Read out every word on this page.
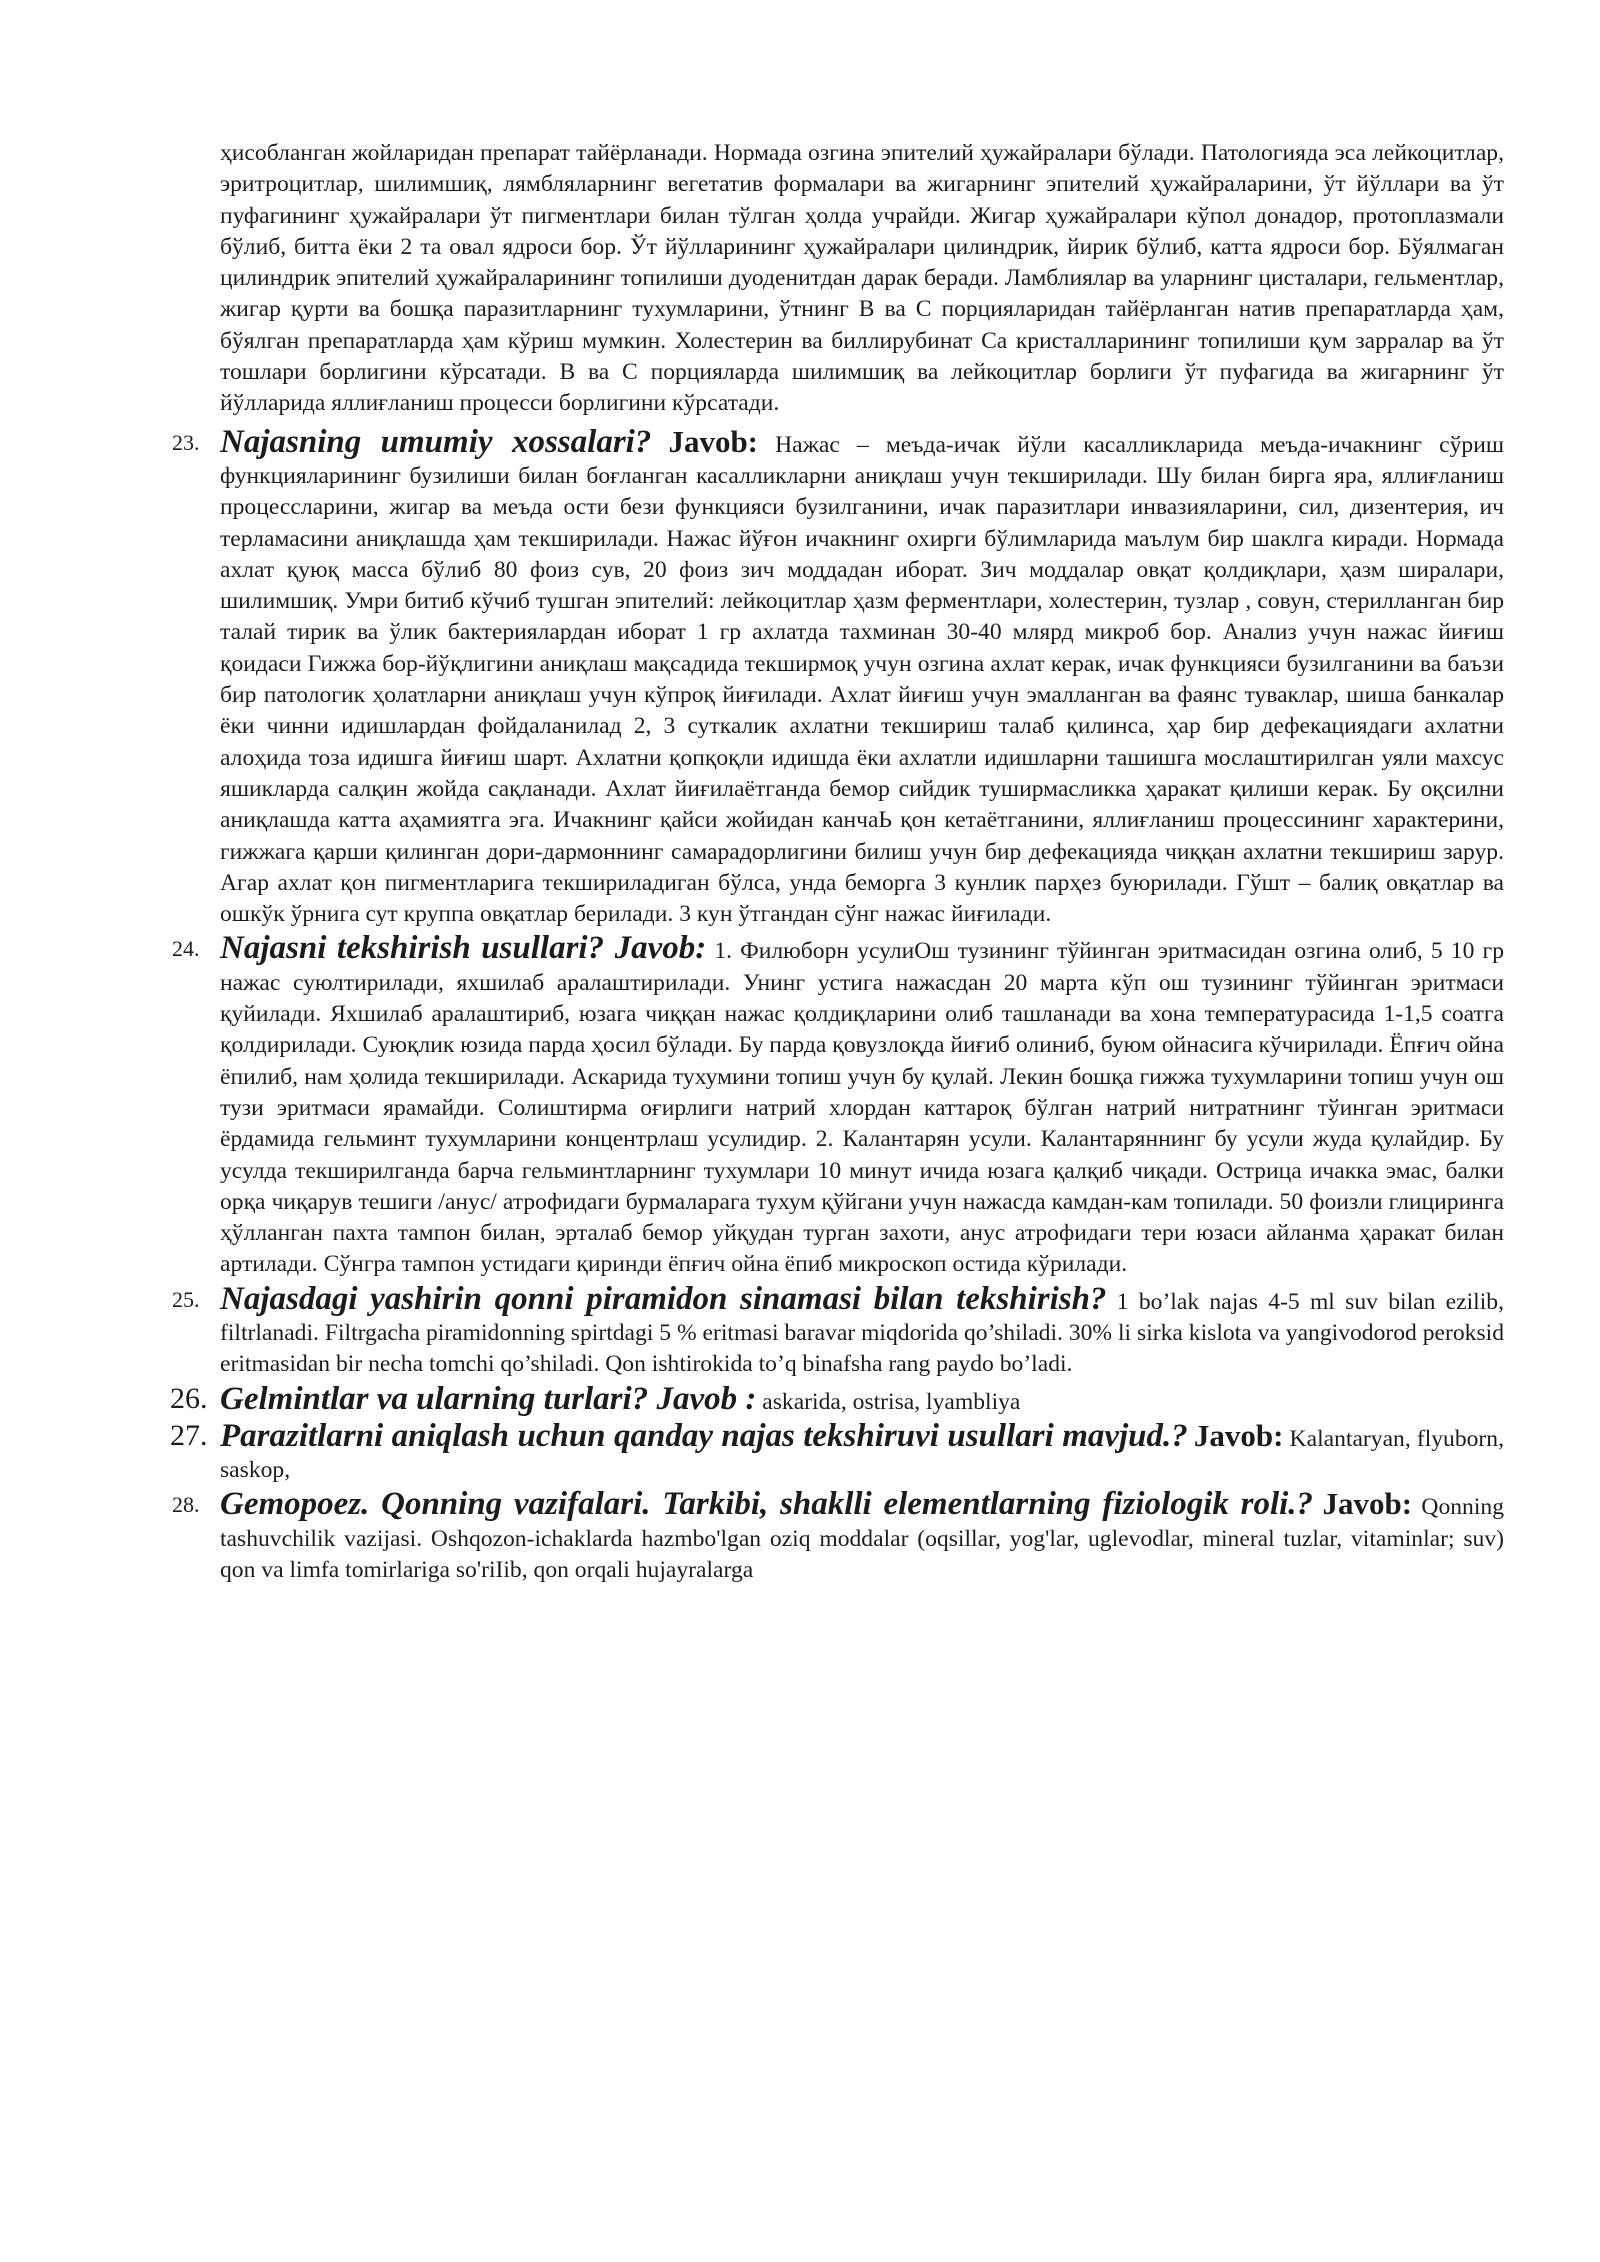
ҳисобланган жойларидан препарат тайёрланади. Нормада озгина эпителий ҳужайралари бўлади. Патологияда эса лейкоцитлар, эритроцитлар, шилимшиқ, лямбляларнинг вегетатив формалари ва жигарнинг эпителий ҳужайраларини, ўт йўллари ва ўт пуфагининг ҳужайралари ўт пигментлари билан тўлган ҳолда учрайди. Жигар ҳужайралари кўпол донадор, протоплазмали бўлиб, битта ёки 2 та овал ядроси бор. Ўт йўлларининг ҳужайралари цилиндрик, йирик бўлиб, катта ядроси бор. Бўялмаган цилиндрик эпителий ҳужайраларининг топилиши дуоденитдан дарак беради. Ламблиялар ва уларнинг цисталари, гельментлар, жигар қурти ва бошқа паразитларнинг тухумларини, ўтнинг В ва С порцияларидан тайёрланган натив препаратларда ҳам, бўялган препаратларда ҳам кўриш мумкин. Холестерин ва биллирубинат Са кристалларининг топилиши қум зарралар ва ўт тошлари борлигини кўрсатади. В ва С порцияларда шилимшиқ ва лейкоцитлар борлиги ўт пуфагида ва жигарнинг ўт йўлларида яллиғланиш процесси борлигини кўрсатади.

23. Najasning umumiy xossalari? Javob: Нажас – меъда-ичак йўли касалликларида меъда-ичакнинг сўриш функцияларининг бузилиши билан боғланган касалликларни аниқлаш учун текширилади. Шу билан бирга яра, яллиғланиш процессларини, жигар ва меъда ости бези функцияси бузилганини, ичак паразитлари инвазияларини, сил, дизентерия, ич терламасини аниқлашда ҳам текширилади. Нажас йўғон ичакнинг охирги бўлимларида маълум бир шаклга киради. Нормада ахлат қуюқ масса бўлиб 80 фоиз сув, 20 фоиз зич моддадан иборат. Зич моддалар овқат қолдиқлари, ҳазм ширалари, шилимшиқ. Умри битиб кўчиб тушган эпителий: лейкоцитлар ҳазм ферментлари, холестерин, тузлар , совун, стерилланган бир талай тирик ва ўлик бактериялардан иборат 1 гр ахлатда тахминан 30-40 млярд микроб бор. Анализ учун нажас йиғиш қоидаси Гижжа бор-йўқлигини аниқлаш мақсадида текширмоқ учун озгина ахлат керак, ичак функцияси бузилганини ва баъзи бир патологик ҳолатларни аниқлаш учун кўпроқ йиғилади. Ахлат йиғиш учун эмалланган ва фаянс туваклар, шиша банкалар ёки чинни идишлардан фойдаланилад 2, 3 суткалик ахлатни текшириш талаб қилинса, ҳар бир дефекациядаги ахлатни алоҳида тоза идишга йиғиш шарт. Ахлатни қопқоқли идишда ёки ахлатли идишларни ташишга мослаштирилган уяли махсус яшикларда салқин жойда сақланади. Ахлат йиғилаётганда бемор сийдик туширмасликка ҳаракат қилиши керак. Бу оқсилни аниқлашда катта аҳамиятга эга. Ичакнинг қайси жойидан канчаЬ қон кетаётганини, яллиғланиш процессининг характерини, гижжага қарши қилинган дори-дармоннинг самарадорлигини билиш учун бир дефекацияда чиққан ахлатни текшириш зарур. Агар ахлат қон пигментларига текшириладиган бўлса, унда беморга 3 кунлик парҳез буюрилади. Гўшт – балиқ овқатлар ва ошкўк ўрнига сут круппа овқатлар берилади. 3 кун ўтгандан сўнг нажас йиғилади.
24. Najasni tekshirish usullari? Javob: 1. Филюборн усулиОш тузининг тўйинган эритмасидан озгина олиб, 5 10 гр нажас суюлтирилади, яхшилаб аралаштирилади. Унинг устига нажасдан 20 марта кўп ош тузининг тўйинган эритмаси қуйилади. Яхшилаб аралаштириб, юзага чиққан нажас қолдиқларини олиб ташланади ва хона температурасида 1-1,5 соатга қолдирилади. Суюқлик юзида парда ҳосил бўлади. Бу парда қовузлоқда йиғиб олиниб, буюм ойнасига кўчирилади. Ёпғич ойна ёпилиб, нам ҳолида текширилади. Аскарида тухумини топиш учун бу қулай. Лекин бошқа гижжа тухумларини топиш учун ош тузи эритмаси ярамайди. Солиштирма оғирлиги натрий хлордан каттароқ бўлган натрий нитратнинг тўинган эритмаси ёрдамида гельминт тухумларини концентрлаш усулидир. 2. Калантарян усули. Калантаряннинг бу усули жуда қулайдир. Бу усулда текширилганда барча гельминтларнинг тухумлари 10 минут ичида юзага қалқиб чиқади. Острица ичакка эмас, балки орқа чиқарув тешиги /анус/ атрофидаги бурмаларага тухум қўйгани учун нажасда камдан-кам топилади. 50 фоизли глицирингa ҳўлланган пахта тампон билан, эрталаб бемор уйқудан турган захоти, анус атрофидаги тери юзаси айланма ҳаракат билан артилади. Сўнгра тампон устидаги қиринди ёпғич ойна ёпиб микроскоп остида кўрилади.
25. Najasdagi yashirin qonni piramidon sinamasi bilan tekshirish? 1 bo’lak najas 4-5 ml suv bilan ezilib, filtrlanadi. Filtrgacha piramidonning spirtdagi 5 % eritmasi baravar miqdorida qo’shiladi. 30% li sirka kislota va yangivodorod peroksid eritmasidan bir necha tomchi qo’shiladi. Qon ishtirokida to’q binafsha rang paydo bo’ladi.
26. Gelmintlar va ularning turlari? Javob : askarida, ostrisa, lyambliya
27. Parazitlarni aniqlash uchun qanday najas tekshiruvi usullari mavjud.? Javob: Kalantaryan, flyuborn, saskop,
28. Gemopoez. Qonning vazifalari. Tarkibi, shaklli elementlarning fiziologik roli.? Javob: Qonning tashuvchilik vazijasi. Oshqozon-ichaklarda hazmbo'lgan oziq moddalar (oqsillar, yog'lar, uglevodlar, mineral tuzlar, vitaminlar; suv) qon va limfa tomirlariga so'riIib, qon orqali hujayralarga
